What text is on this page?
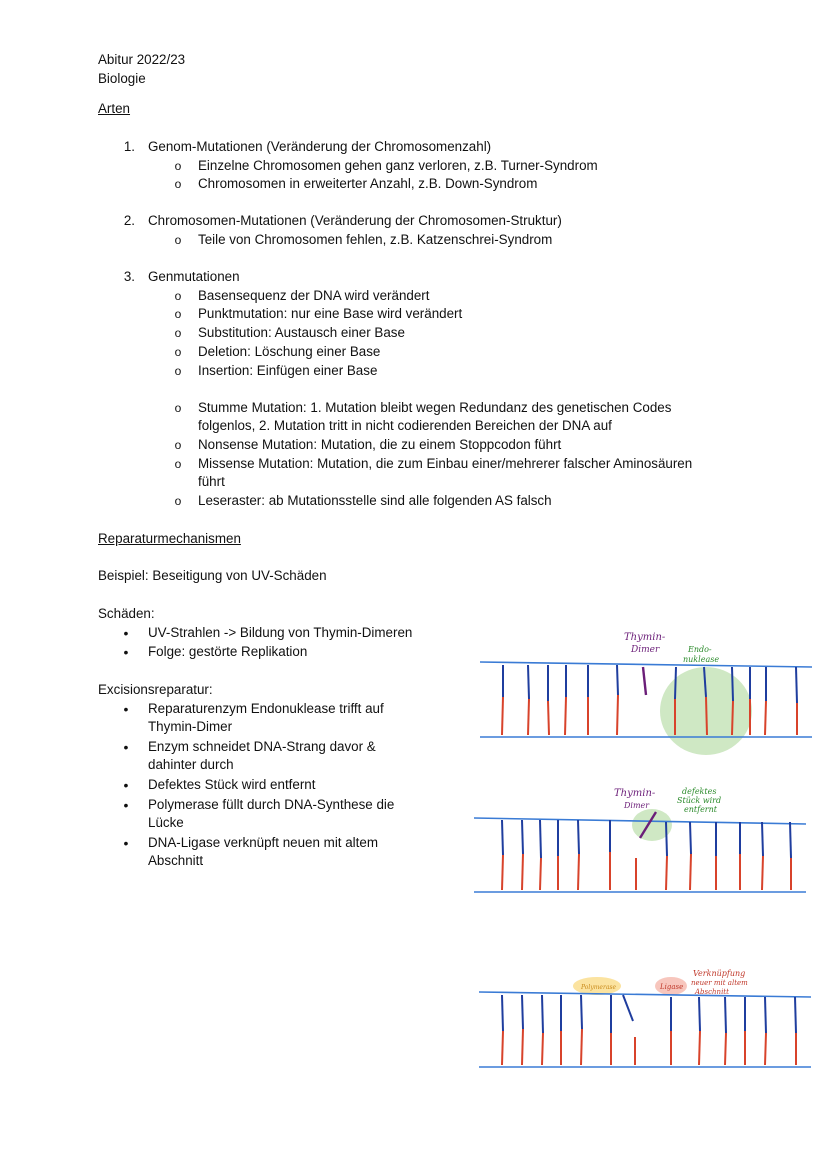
Abitur 2022/23
Biologie
Arten
1. Genom-Mutationen (Veränderung der Chromosomenzahl)
o Einzelne Chromosomen gehen ganz verloren, z.B. Turner-Syndrom
o Chromosomen in erweiterter Anzahl, z.B. Down-Syndrom
2. Chromosomen-Mutationen (Veränderung der Chromosomen-Struktur)
o Teile von Chromosomen fehlen, z.B. Katzenschrei-Syndrom
3. Genmutationen
o Basensequenz der DNA wird verändert
o Punktmutation: nur eine Base wird verändert
o Substitution: Austausch einer Base
o Deletion: Löschung einer Base
o Insertion: Einfügen einer Base
o Stumme Mutation: 1. Mutation bleibt wegen Redundanz des genetischen Codes
folgenlos, 2. Mutation tritt in nicht codierenden Bereichen der DNA auf
o Nonsense Mutation: Mutation, die zu einem Stoppcodon führt
o Missense Mutation: Mutation, die zum Einbau einer/mehrerer falscher Aminosäuren
führt
o Leseraster: ab Mutationsstelle sind alle folgenden AS falsch
Reparaturmechanismen
Beispiel: Beseitigung von UV-Schäden
Schäden:
• UV-Strahlen -> Bildung von Thymin-Dimeren
• Folge: gestörte Replikation
Excisionsreparatur:
• Reparaturenzym Endonuklease trifft auf
Thymin-Dimer
• Enzym schneidet DNA-Strang davor &
dahinter durch
• Defektes Stück wird entfernt
• Polymerase füllt durch DNA-Synthese die
Lücke
• DNA-Ligase verknüpft neuen mit altem
Abschnitt
Thymin-
Dimer	Endo-
nuklease
Thymin-
Dimer
defektes
Stück wird
entfernt
Polymerase	Ligase
Verknüpfung
neuer mit altem
Abschnitt
